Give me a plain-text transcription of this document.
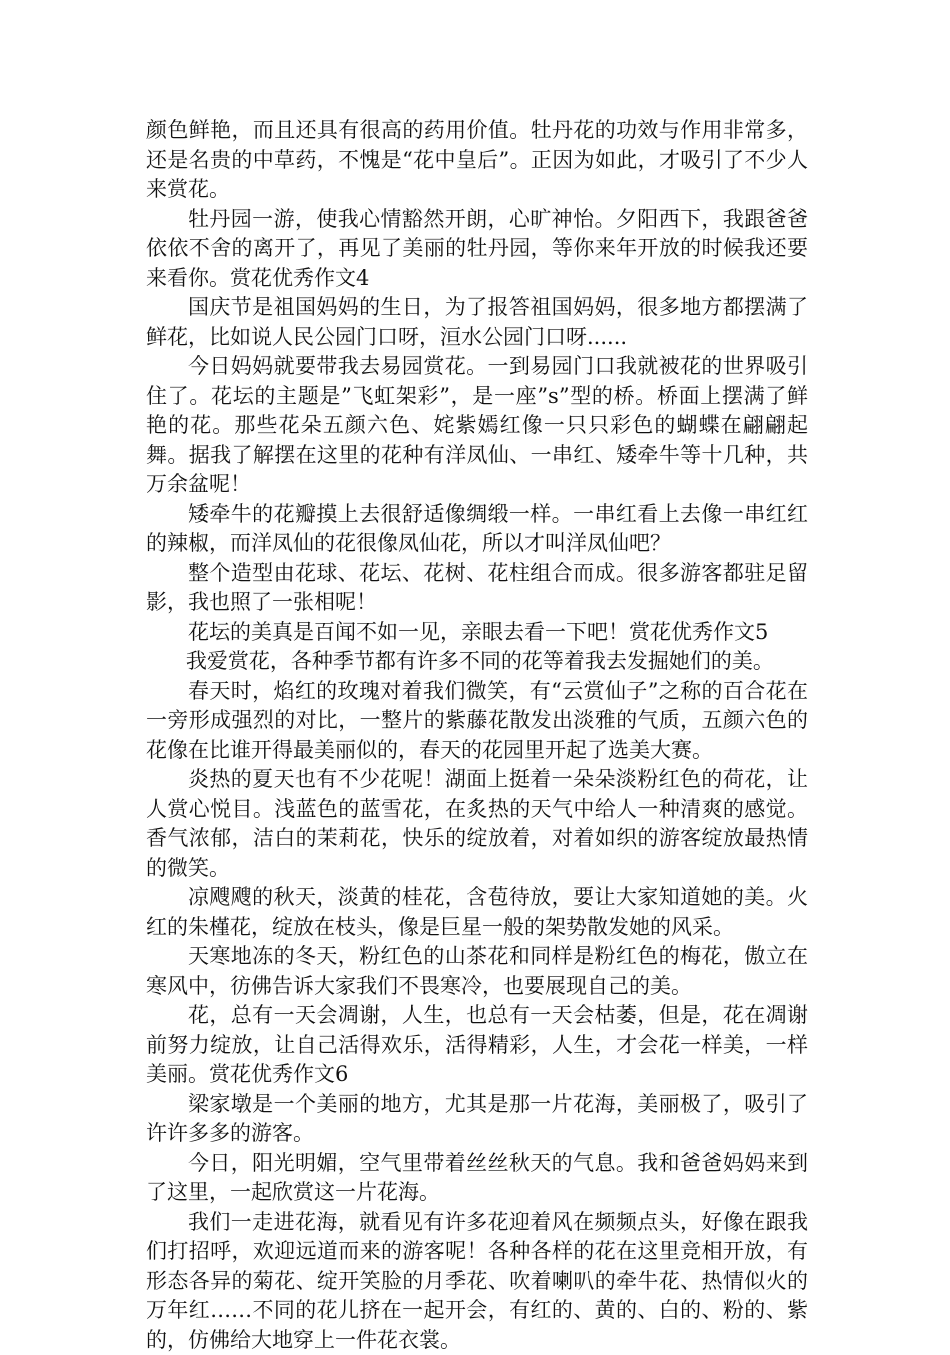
颜色鲜艳，而且还具有很高的药用价值。牡丹花的功效与作用非常多，还是名贵的中草药，不愧是“花中皇后”。正因为如此，才吸引了不少人来赏花。

牡丹园一游，使我心情豁然开朗，心旷神怡。夕阳西下，我跟爸爸依依不舍的离开了，再见了美丽的牡丹园，等你来年开放的时候我还要来看你。赏花优秀作文4

国庆节是祖国妈妈的生日，为了报答祖国妈妈，很多地方都摆满了鲜花，比如说人民公园门口呀，洹水公园门口呀......

今日妈妈就要带我去易园赏花。一到易园门口我就被花的世界吸引住了。花坛的主题是”飞虹架彩”，是一座”s”型的桥。桥面上摆满了鲜艳的花。那些花朵五颜六色、姹紫嫣红像一只只彩色的蝴蝶在翩翩起舞。据我了解摆在这里的花种有洋凤仙、一串红、矮牵牛等十几种，共万余盆呢！

矮牵牛的花瓣摸上去很舒适像绸缎一样。一串红看上去像一串红红的辣椒，而洋凤仙的花很像凤仙花，所以才叫洋凤仙吧？

整个造型由花球、花坛、花树、花柱组合而成。很多游客都驻足留影，我也照了一张相呢！

花坛的美真是百闻不如一见，亲眼去看一下吧！赏花优秀作文5

我爱赏花，各种季节都有许多不同的花等着我去发掘她们的美。

春天时，焰红的玫瑰对着我们微笑，有“云赏仙子”之称的百合花在一旁形成强烈的对比，一整片的紫藤花散发出淡雅的气质，五颜六色的花像在比谁开得最美丽似的，春天的花园里开起了选美大赛。

炎热的夏天也有不少花呢！湖面上挺着一朵朵淡粉红色的荷花，让人赏心悦目。浅蓝色的蓝雪花，在炙热的天气中给人一种清爽的感觉。香气浓郁，洁白的茉莉花，快乐的绽放着，对着如织的游客绽放最热情的微笑。

凉飕飕的秋天，淡黄的桂花，含苞待放，要让大家知道她的美。火红的朱槿花，绽放在枝头，像是巨星一般的架势散发她的风采。

天寒地冻的冬天，粉红色的山茶花和同样是粉红色的梅花，傲立在寒风中，彷佛告诉大家我们不畏寒冷，也要展现自己的美。

花，总有一天会凋谢，人生，也总有一天会枯萎，但是，花在凋谢前努力绽放，让自己活得欢乐，活得精彩，人生，才会花一样美，一样美丽。赏花优秀作文6

梁家墩是一个美丽的地方，尤其是那一片花海，美丽极了，吸引了许许多多的游客。

今日，阳光明媚，空气里带着丝丝秋天的气息。我和爸爸妈妈来到了这里，一起欣赏这一片花海。

我们一走进花海，就看见有许多花迎着风在频频点头，好像在跟我们打招呼，欢迎远道而来的游客呢！各种各样的花在这里竞相开放，有形态各异的菊花、绽开笑脸的月季花、吹着喇叭的牵牛花、热情似火的万年红……不同的花儿挤在一起开会，有红的、黄的、白的、粉的、紫的，仿佛给大地穿上一件花衣裳。
